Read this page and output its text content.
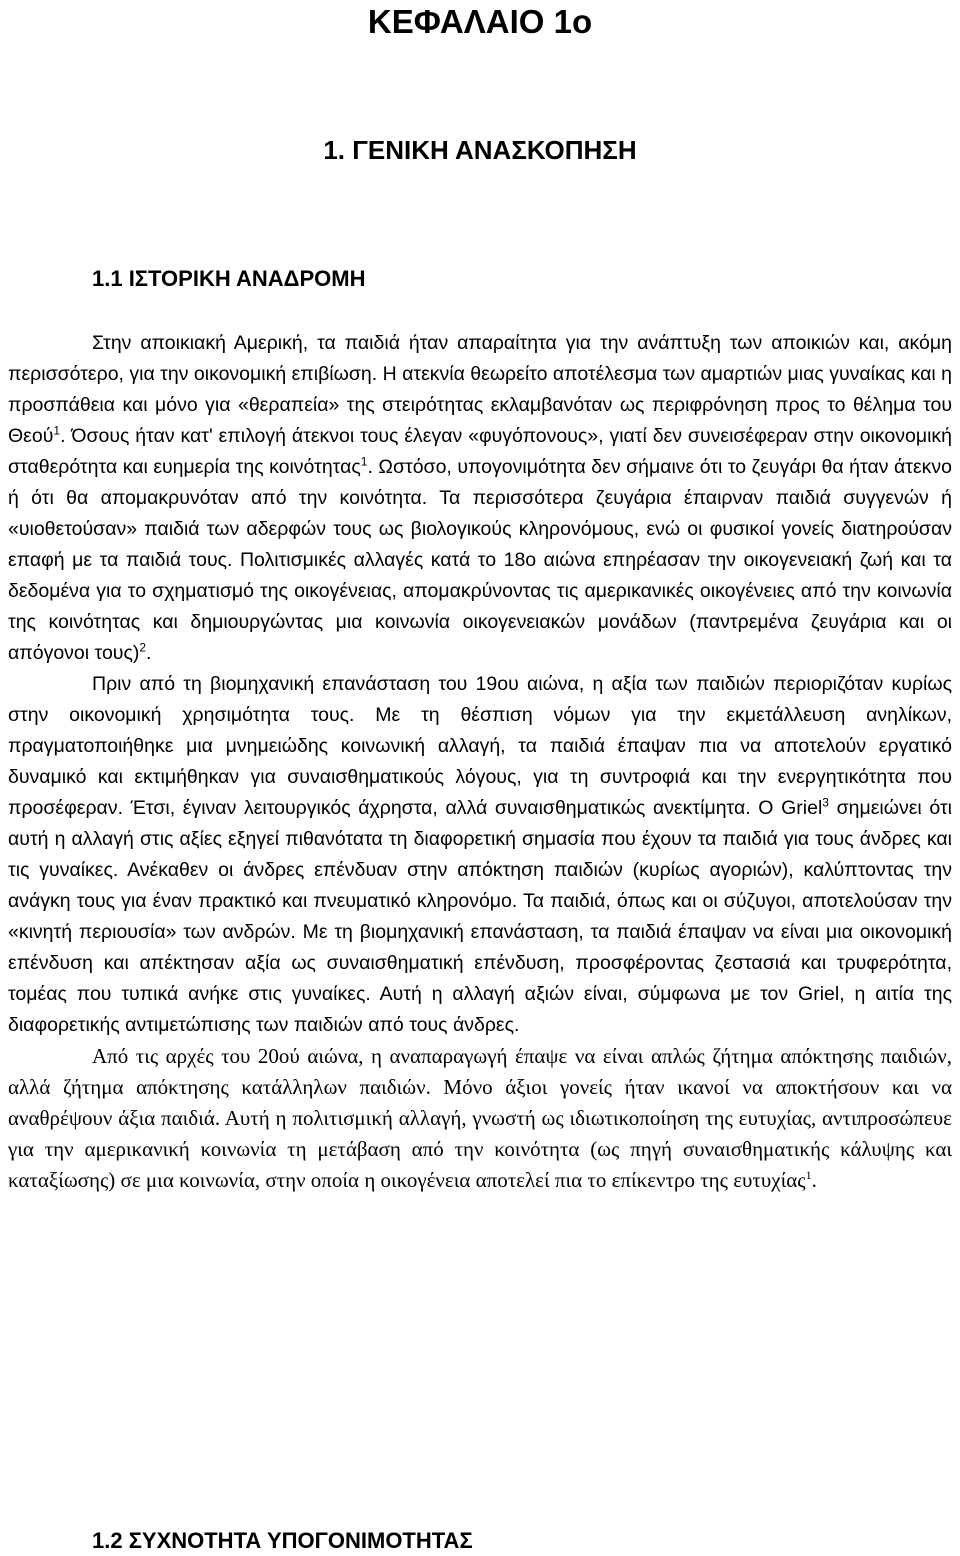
ΚΕΦΑΛΑΙΟ 1ο
1. ΓΕΝΙΚΗ ΑΝΑΣΚΟΠΗΣΗ
1.1 ΙΣΤΟΡΙΚΗ ΑΝΑΔΡΟΜΗ

Στην αποικιακή Αμερική, τα παιδιά ήταν απαραίτητα για την ανάπτυξη των αποικιών και, ακόμη περισσότερο, για την οικονομική επιβίωση. Η ατεκνία θεωρείτο αποτέλεσμα των αμαρτιών μιας γυναίκας και η προσπάθεια και μόνο για «θεραπεία» της στειρότητας εκλαμβανόταν ως περιφρόνηση προς το θέλημα του Θεού$^1$. Όσους ήταν κατ' επιλογή άτεκνοι τους έλεγαν «φυγόπονους», γιατί δεν συνεισέφεραν στην οικονομική σταθερότητα και ευημερία της κοινότητας$^1$. Ωστόσο, υπογονιμότητα δεν σήμαινε ότι το ζευγάρι θα ήταν άτεκνο ή ότι θα απομακρυνόταν από την κοινότητα. Τα περισσότερα ζευγάρια έπαιρναν παιδιά συγγενών ή «υιοθετούσαν» παιδιά των αδερφών τους ως βιολογικούς κληρονόμους, ενώ οι φυσικοί γονείς διατηρούσαν επαφή με τα παιδιά τους. Πολιτισμικές αλλαγές κατά το 18ο αιώνα επηρέασαν την οικογενειακή ζωή και τα δεδομένα για το σχηματισμό της οικογένειας, απομακρύνοντας τις αμερικανικές οικογένειες από την κοινωνία της κοινότητας και δημιουργώντας μια κοινωνία οικογενειακών μονάδων (παντρεμένα ζευγάρια και οι απόγονοι τους)$^2$.

Πριν από τη βιομηχανική επανάσταση του 19ου αιώνα, η αξία των παιδιών περιοριζόταν κυρίως στην οικονομική χρησιμότητα τους. Με τη θέσπιση νόμων για την εκμετάλλευση ανηλίκων, πραγματοποιήθηκε μια μνημειώδης κοινωνική αλλαγή, τα παιδιά έπαψαν πια να αποτελούν εργατικό δυναμικό και εκτιμήθηκαν για συναισθηματικούς λόγους, για τη συντροφιά και την ενεργητικότητα που προσέφεραν. Έτσι, έγιναν λειτουργικός άχρηστα, αλλά συναισθηματικώς ανεκτίμητα. Ο Griel$^3$ σημειώνει ότι αυτή η αλλαγή στις αξίες εξηγεί πιθανότατα τη διαφορετική σημασία που έχουν τα παιδιά για τους άνδρες και τις γυναίκες. Ανέκαθεν οι άνδρες επένδυαν στην απόκτηση παιδιών (κυρίως αγοριών), καλύπτοντας την ανάγκη τους για έναν πρακτικό και πνευματικό κληρονόμο. Τα παιδιά, όπως και οι σύζυγοι, αποτελούσαν την «κινητή περιουσία» των ανδρών. Με τη βιομηχανική επανάσταση, τα παιδιά έπαψαν να είναι μια οικονομική επένδυση και απέκτησαν αξία ως συναισθηματική επένδυση, προσφέροντας ζεστασιά και τρυφερότητα, τομέας που τυπικά ανήκε στις γυναίκες. Αυτή η αλλαγή αξιών είναι, σύμφωνα με τον Griel, η αιτία της διαφορετικής αντιμετώπισης των παιδιών από τους άνδρες.

Από τις αρχές του 20ού αιώνα, η αναπαραγωγή έπαψε να είναι απλώς ζήτημα απόκτησης παιδιών, αλλά ζήτημα απόκτησης κατάλληλων παιδιών. Μόνο άξιοι γονείς ήταν ικανοί να αποκτήσουν και να αναθρέψουν άξια παιδιά. Αυτή η πολιτισμική αλλαγή, γνωστή ως ιδιωτικοποίηση της ευτυχίας, αντιπροσώπευε για την αμερικανική κοινωνία τη μετάβαση από την κοινότητα (ως πηγή συναισθηματικής κάλυψης και καταξίωσης) σε μια κοινωνία, στην οποία η οικογένεια αποτελεί πια το επίκεντρο της ευτυχίας$^1$.

1.2 ΣΥΧΝΟΤΗΤΑ ΥΠΟΓΟΝΙΜΟΤΗΤΑΣ
